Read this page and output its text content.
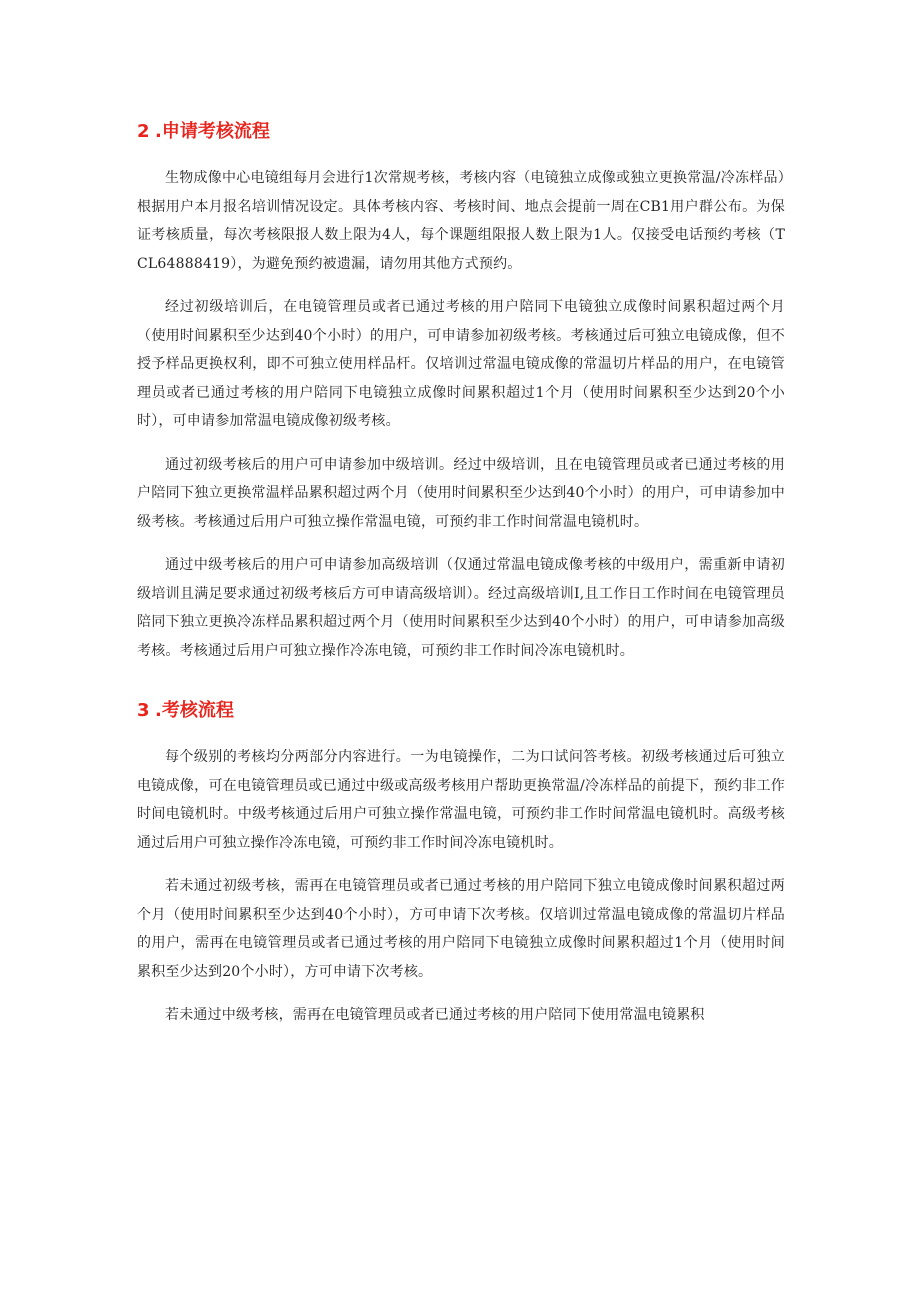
2 .申请考核流程

生物成像中心电镜组每月会进行1次常规考核，考核内容（电镜独立成像或独立更换常温/冷冻样品）根据用户本月报名培训情况设定。具体考核内容、考核时间、地点会提前一周在CB1用户群公布。为保证考核质量，每次考核限报人数上限为4人，每个课题组限报人数上限为1人。仅接受电话预约考核（TCL64888419），为避免预约被遗漏，请勿用其他方式预约。

经过初级培训后，在电镜管理员或者已通过考核的用户陪同下电镜独立成像时间累积超过两个月（使用时间累积至少达到40个小时）的用户，可申请参加初级考核。考核通过后可独立电镜成像，但不授予样品更换权利，即不可独立使用样品杆。仅培训过常温电镜成像的常温切片样品的用户，在电镜管理员或者已通过考核的用户陪同下电镜独立成像时间累积超过1个月（使用时间累积至少达到20个小时），可申请参加常温电镜成像初级考核。

通过初级考核后的用户可申请参加中级培训。经过中级培训，且在电镜管理员或者已通过考核的用户陪同下独立更换常温样品累积超过两个月（使用时间累积至少达到40个小时）的用户，可申请参加中级考核。考核通过后用户可独立操作常温电镜，可预约非工作时间常温电镜机时。

通过中级考核后的用户可申请参加高级培训（仅通过常温电镜成像考核的中级用户，需重新申请初级培训且满足要求通过初级考核后方可申请高级培训）。经过高级培训I,且工作日工作时间在电镜管理员陪同下独立更换冷冻样品累积超过两个月（使用时间累积至少达到40个小时）的用户，可申请参加高级考核。考核通过后用户可独立操作冷冻电镜，可预约非工作时间冷冻电镜机时。

3 .考核流程

每个级别的考核均分两部分内容进行。一为电镜操作，二为口试问答考核。初级考核通过后可独立电镜成像，可在电镜管理员或已通过中级或高级考核用户帮助更换常温/冷冻样品的前提下，预约非工作时间电镜机时。中级考核通过后用户可独立操作常温电镜，可预约非工作时间常温电镜机时。高级考核通过后用户可独立操作冷冻电镜，可预约非工作时间冷冻电镜机时。

若未通过初级考核，需再在电镜管理员或者已通过考核的用户陪同下独立电镜成像时间累积超过两个月（使用时间累积至少达到40个小时），方可申请下次考核。仅培训过常温电镜成像的常温切片样品的用户，需再在电镜管理员或者已通过考核的用户陪同下电镜独立成像时间累积超过1个月（使用时间累积至少达到20个小时），方可申请下次考核。

若未通过中级考核，需再在电镜管理员或者已通过考核的用户陪同下使用常温电镜累积
